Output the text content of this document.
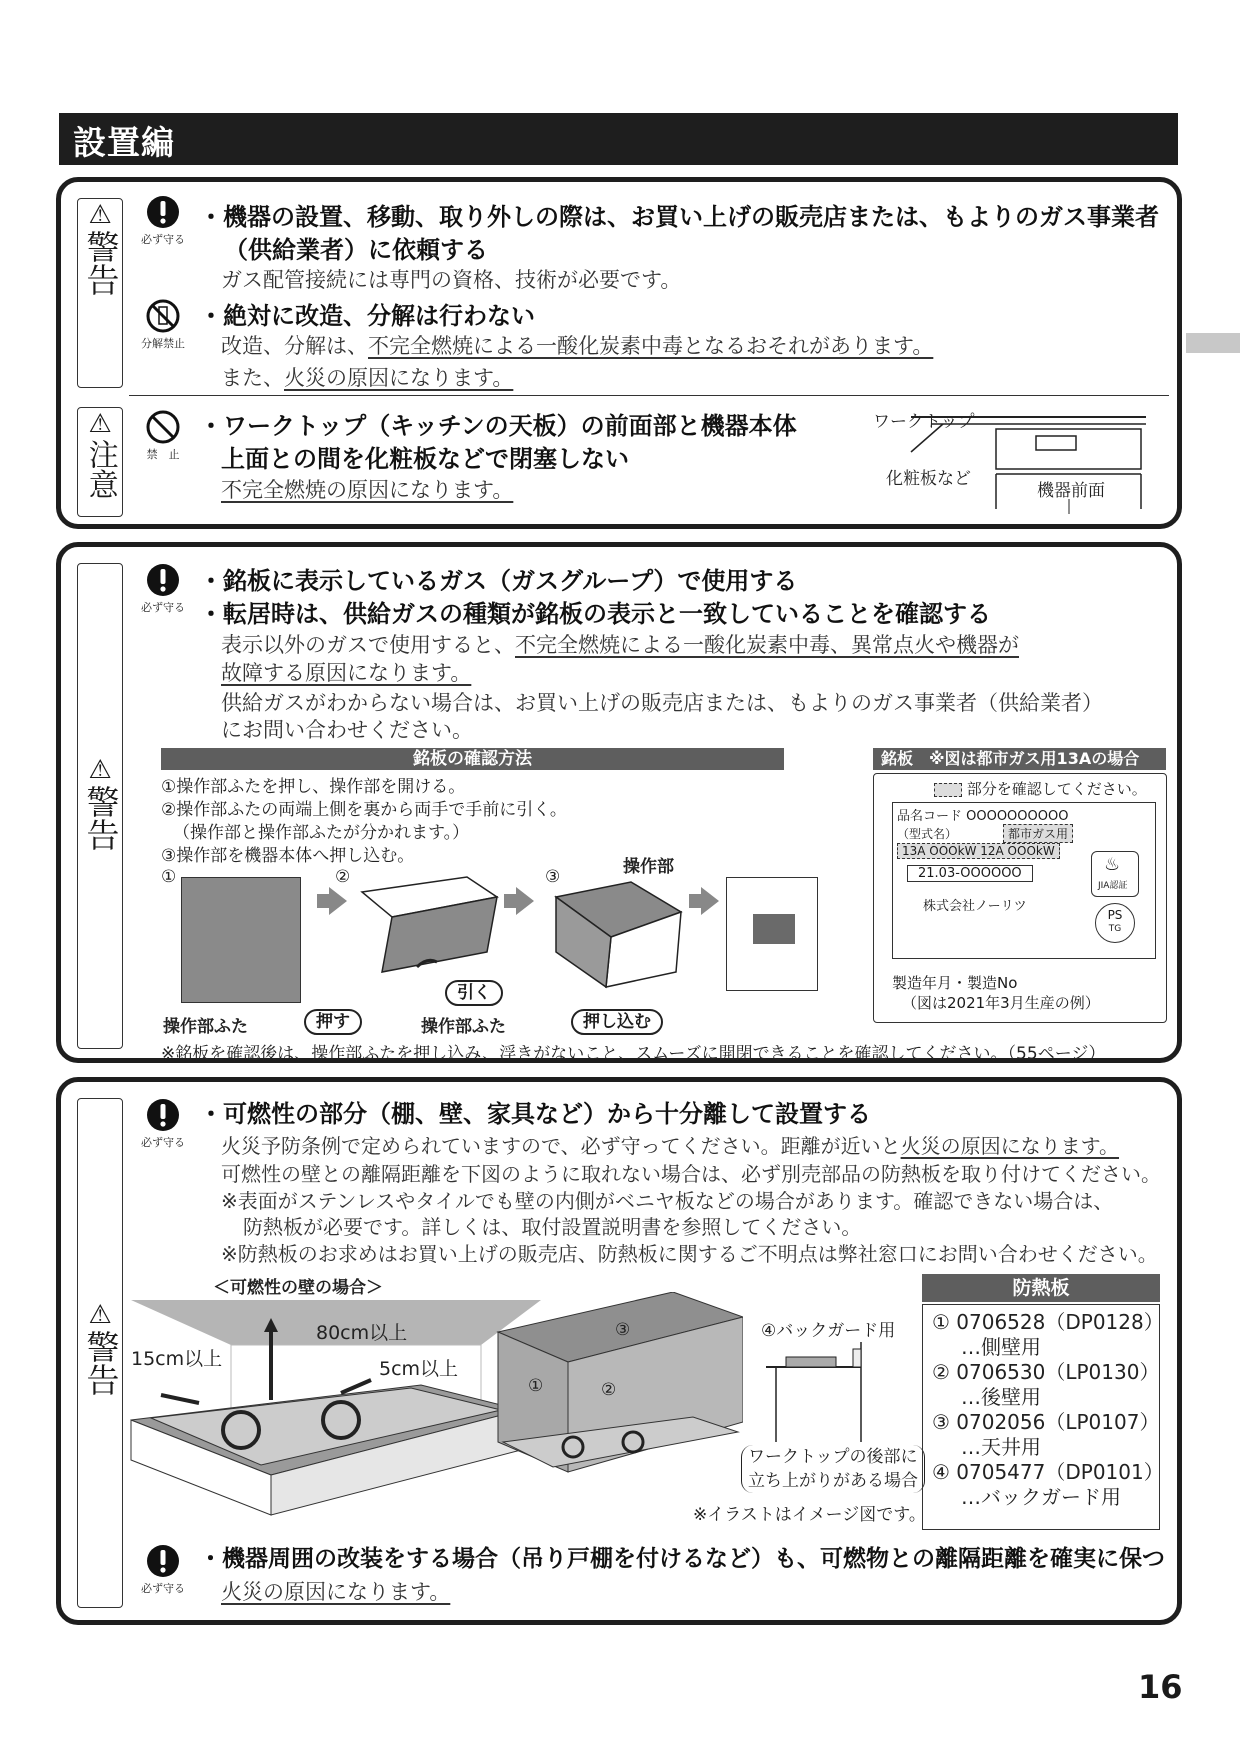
設置編
⚠
警告
⚠
注意
必ず守る
分解禁止
禁　止
・機器の設置、移動、取り外しの際は、お買い上げの販売店または、もよりのガス事業者
（供給業者）に依頼する
ガス配管接続には専門の資格、技術が必要です。
・絶対に改造、分解は行わない
改造、分解は、不完全燃焼による一酸化炭素中毒となるおそれがあります。
また、火災の原因になります。
・ワークトップ（キッチンの天板）の前面部と機器本体
上面との間を化粧板などで閉塞しない
不完全燃焼の原因になります。
ワークトップ
化粧板など
機器前面
⚠
警告
必ず守る
・銘板に表示しているガス（ガスグループ）で使用する
・転居時は、供給ガスの種類が銘板の表示と一致していることを確認する
表示以外のガスで使用すると、不完全燃焼による一酸化炭素中毒、異常点火や機器が
故障する原因になります。
供給ガスがわからない場合は、お買い上げの販売店または、もよりのガス事業者（供給業者）
にお問い合わせください。
銘板の確認方法
①操作部ふたを押し、操作部を開ける。
②操作部ふたの両端上側を裏から両手で手前に引く。
（操作部と操作部ふたが分かれます。）
③操作部を機器本体へ押し込む。
①	②	③	操作部
操作部ふた	押す
引く
操作部ふた	押し込む
銘板　※図は都市ガス用13Aの場合
部分を確認してください。
品名コード OOOOOOOOOO
（型式名）	都市ガス用
13A OOOkW 12A OOOkW
21.03-OOOOOO
株式会社ノーリツ
JIA認証
♨
PS
TG
製造年月・製造No
（図は2021年3月生産の例）
※銘板を確認後は、操作部ふたを押し込み、浮きがないこと、スムーズに開閉できることを確認してください。（55ページ）
⚠
警告
必ず守る
・可燃性の部分（棚、壁、家具など）から十分離して設置する
火災予防条例で定められていますので、必ず守ってください。距離が近いと火災の原因になります。
可燃性の壁との離隔距離を下図のように取れない場合は、必ず別売部品の防熱板を取り付けてください。
※表面がステンレスやタイルでも壁の内側がベニヤ板などの場合があります。確認できない場合は、
防熱板が必要です。詳しくは、取付設置説明書を参照してください。
※防熱板のお求めはお買い上げの販売店、防熱板に関するご不明点は弊社窓口にお問い合わせください。
＜可燃性の壁の場合＞
80cm以上
15cm以上	5cm以上
③
①	②
④バックガード用
ワークトップの後部に
立ち上がりがある場合
※イラストはイメージ図です。
防熱板
① 0706528（DP0128）
…側壁用
② 0706530（LP0130）
…後壁用
③ 0702056（LP0107）
…天井用
④ 0705477（DP0101）
…バックガード用
必ず守る
・機器周囲の改装をする場合（吊り戸棚を付けるなど）も、可燃物との離隔距離を確実に保つ
火災の原因になります。
16
